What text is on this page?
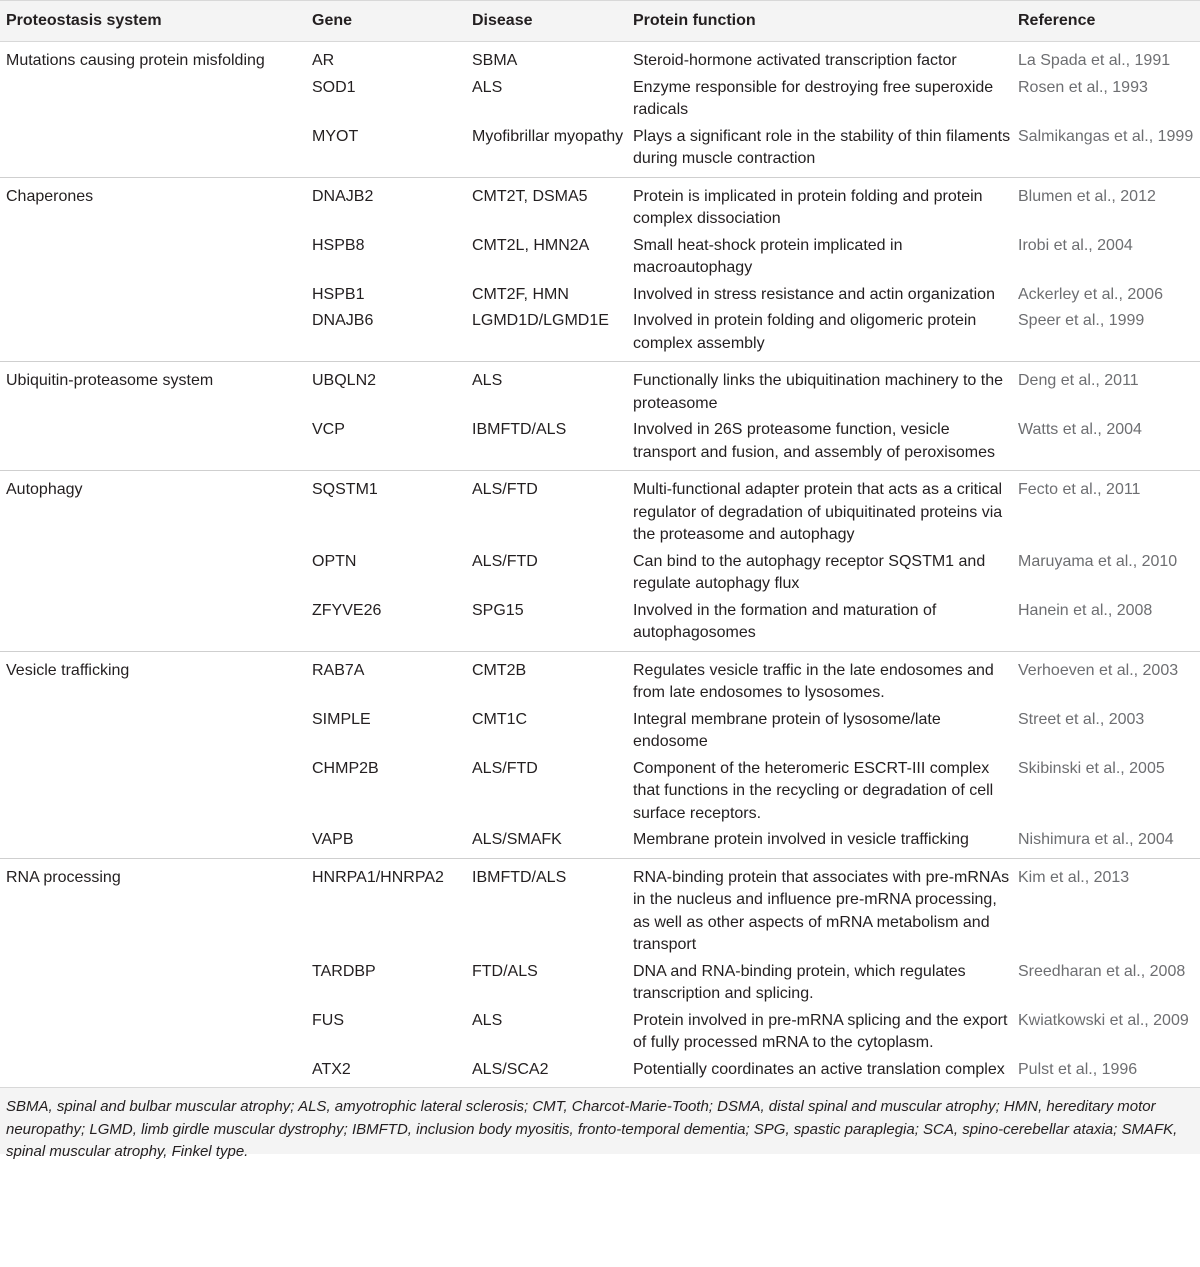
Proteostasis system	Gene	Disease	Protein function	Reference
Mutations causing protein misfolding	AR	SBMA	Steroid-hormone activated transcription factor	La Spada et al., 1991
	SOD1	ALS	Enzyme responsible for destroying free superoxide radicals	Rosen et al., 1993
	MYOT	Myofibrillar myopathy	Plays a significant role in the stability of thin filaments during muscle contraction	Salmikangas et al., 1999
Chaperones	DNAJB2	CMT2T, DSMA5	Protein is implicated in protein folding and protein complex dissociation	Blumen et al., 2012
	HSPB8	CMT2L, HMN2A	Small heat-shock protein implicated in macroautophagy	Irobi et al., 2004
	HSPB1	CMT2F, HMN	Involved in stress resistance and actin organization	Ackerley et al., 2006
	DNAJB6	LGMD1D/LGMD1E	Involved in protein folding and oligomeric protein complex assembly	Speer et al., 1999
Ubiquitin-proteasome system	UBQLN2	ALS	Functionally links the ubiquitination machinery to the proteasome	Deng et al., 2011
	VCP	IBMFTD/ALS	Involved in 26S proteasome function, vesicle transport and fusion, and assembly of peroxisomes	Watts et al., 2004
Autophagy	SQSTM1	ALS/FTD	Multi-functional adapter protein that acts as a critical regulator of degradation of ubiquitinated proteins via the proteasome and autophagy	Fecto et al., 2011
	OPTN	ALS/FTD	Can bind to the autophagy receptor SQSTM1 and regulate autophagy flux	Maruyama et al., 2010
	ZFYVE26	SPG15	Involved in the formation and maturation of autophagosomes	Hanein et al., 2008
Vesicle trafficking	RAB7A	CMT2B	Regulates vesicle traffic in the late endosomes and from late endosomes to lysosomes.	Verhoeven et al., 2003
	SIMPLE	CMT1C	Integral membrane protein of lysosome/late endosome	Street et al., 2003
	CHMP2B	ALS/FTD	Component of the heteromeric ESCRT-III complex that functions in the recycling or degradation of cell surface receptors.	Skibinski et al., 2005
	VAPB	ALS/SMAFK	Membrane protein involved in vesicle trafficking	Nishimura et al., 2004
RNA processing	HNRPA1/HNRPA2	IBMFTD/ALS	RNA-binding protein that associates with pre-mRNAs in the nucleus and influence pre-mRNA processing, as well as other aspects of mRNA metabolism and transport	Kim et al., 2013
	TARDBP	FTD/ALS	DNA and RNA-binding protein, which regulates transcription and splicing.	Sreedharan et al., 2008
	FUS	ALS	Protein involved in pre-mRNA splicing and the export of fully processed mRNA to the cytoplasm.	Kwiatkowski et al., 2009
	ATX2	ALS/SCA2	Potentially coordinates an active translation complex	Pulst et al., 1996
SBMA, spinal and bulbar muscular atrophy; ALS, amyotrophic lateral sclerosis; CMT, Charcot-Marie-Tooth; DSMA, distal spinal and muscular atrophy; HMN, hereditary motor neuropathy; LGMD, limb girdle muscular dystrophy; IBMFTD, inclusion body myositis, fronto-temporal dementia; SPG, spastic paraplegia; SCA, spino-cerebellar ataxia; SMAFK, spinal muscular atrophy, Finkel type.
